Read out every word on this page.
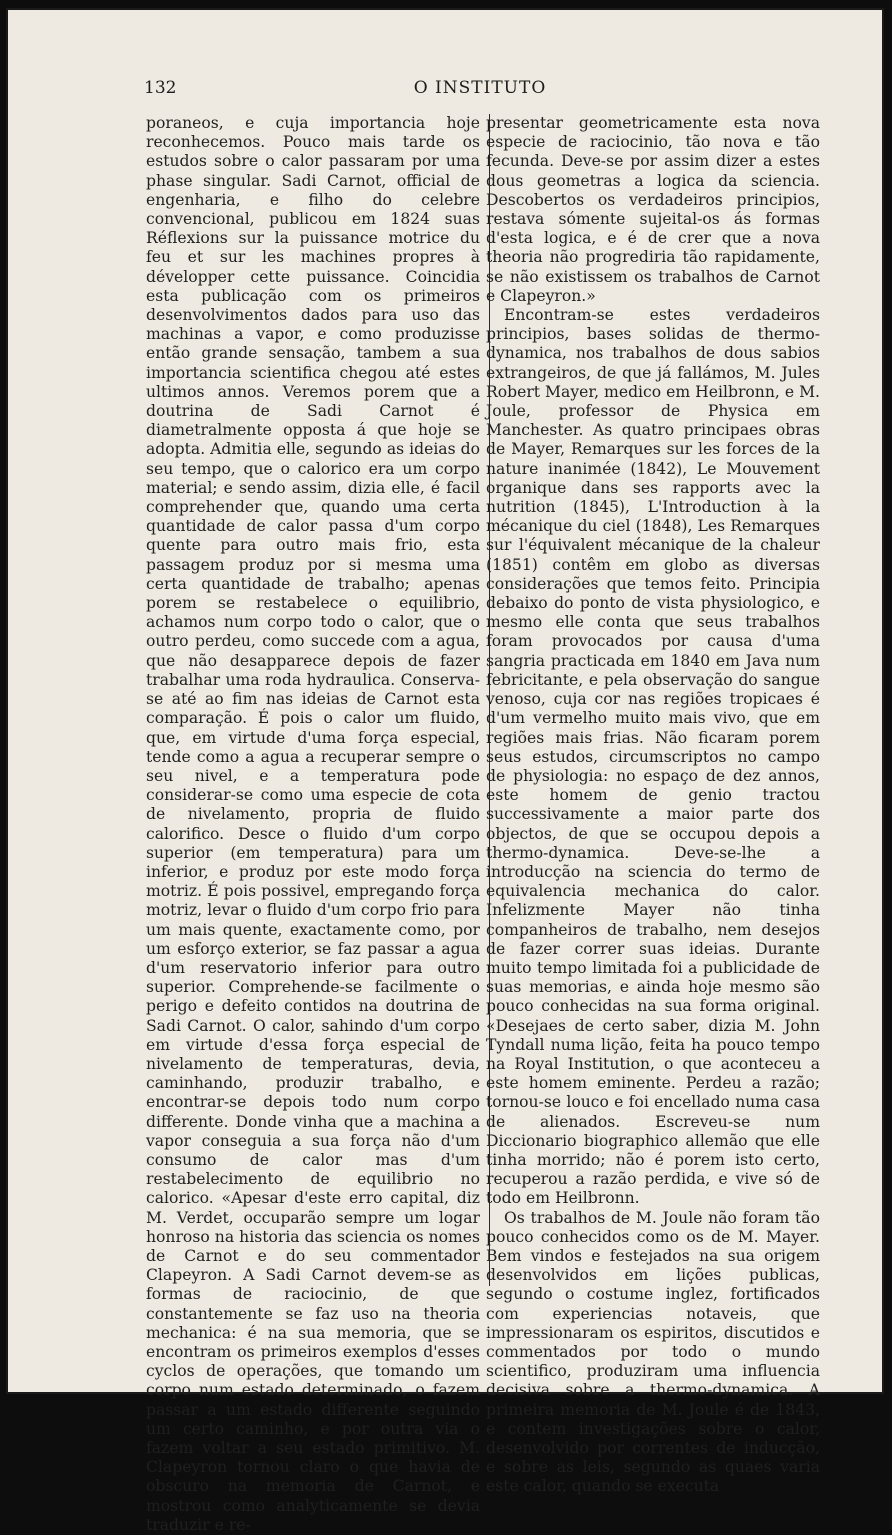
132	O INSTITUTO

poraneos, e cuja importancia hoje reconhecemos. Pouco mais tarde os estudos sobre o calor passaram por uma phase singular. Sadi Carnot, official de engenharia, e filho do celebre convencional, publicou em 1824 suas Réflexions sur la puissance motrice du feu et sur les machines propres à développer cette puissance. Coincidia esta publicação com os primeiros desenvolvimentos dados para uso das machinas a vapor, e como produzisse então grande sensação, tambem a sua importancia scientifica chegou até estes ultimos annos. Veremos porem que a doutrina de Sadi Carnot é diametralmente opposta á que hoje se adopta. Admitia elle, segundo as ideias do seu tempo, que o calorico era um corpo material; e sendo assim, dizia elle, é facil comprehender que, quando uma certa quantidade de calor passa d'um corpo quente para outro mais frio, esta passagem produz por si mesma uma certa quantidade de trabalho; apenas porem se restabelece o equilibrio, achamos num corpo todo o calor, que o outro perdeu, como succede com a agua, que não desapparece depois de fazer trabalhar uma roda hydraulica. Conserva-se até ao fim nas ideias de Carnot esta comparação. É pois o calor um fluido, que, em virtude d'uma força especial, tende como a agua a recuperar sempre o seu nivel, e a temperatura pode considerar-se como uma especie de cota de nivelamento, propria de fluido calorifico. Desce o fluido d'um corpo superior (em temperatura) para um inferior, e produz por este modo força motriz. É pois possivel, empregando força motriz, levar o fluido d'um corpo frio para um mais quente, exactamente como, por um esforço exterior, se faz passar a agua d'um reservatorio inferior para outro superior. Comprehende-se facilmente o perigo e defeito contidos na doutrina de Sadi Carnot. O calor, sahindo d'um corpo em virtude d'essa força especial de nivelamento de temperaturas, devia, caminhando, produzir trabalho, e encontrar-se depois todo num corpo differente. Donde vinha que a machina a vapor conseguia a sua força não d'um consumo de calor mas d'um restabelecimento de equilibrio no calorico. «Apesar d'este erro capital, diz M. Verdet, occuparão sempre um logar honroso na historia das sciencia os nomes de Carnot e do seu commentador Clapeyron. A Sadi Carnot devem-se as formas de raciocinio, de que constantemente se faz uso na theoria mechanica: é na sua memoria, que se encontram os primeiros exemplos d'esses cyclos de operações, que tomando um corpo num estado determinado, o fazem passar a um estado differente seguindo um certo caminho, e por outra via o fazem voltar a seu estado primitivo. M. Clapeyron tornou claro o que havia de obscuro na memoria de Carnot, e mostrou como analyticamente se devia traduzir e re-

presentar geometricamente esta nova especie de raciocinio, tão nova e tão fecunda. Deve-se por assim dizer a estes dous geometras a logica da sciencia. Descobertos os verdadeiros principios, restava sómente sujeital-os ás formas d'esta logica, e é de crer que a nova theoria não progrediria tão rapidamente, se não existissem os trabalhos de Carnot e Clapeyron.»

Encontram-se estes verdadeiros principios, bases solidas de thermo-dynamica, nos trabalhos de dous sabios extrangeiros, de que já fallámos, M. Jules Robert Mayer, medico em Heilbronn, e M. Joule, professor de Physica em Manchester. As quatro principaes obras de Mayer, Remarques sur les forces de la nature inanimée (1842), Le Mouvement organique dans ses rapports avec la nutrition (1845), L'Introduction à la mécanique du ciel (1848), Les Remarques sur l'équivalent mécanique de la chaleur (1851) contêm em globo as diversas considerações que temos feito. Principia debaixo do ponto de vista physiologico, e mesmo elle conta que seus trabalhos foram provocados por causa d'uma sangria practicada em 1840 em Java num febricitante, e pela observação do sangue venoso, cuja cor nas regiões tropicaes é d'um vermelho muito mais vivo, que em regiões mais frias. Não ficaram porem seus estudos, circumscriptos no campo de physiologia: no espaço de dez annos, este homem de genio tractou successivamente a maior parte dos objectos, de que se occupou depois a thermo-dynamica. Deve-se-lhe a introducção na sciencia do termo de equivalencia mechanica do calor. Infelizmente Mayer não tinha companheiros de trabalho, nem desejos de fazer correr suas ideias. Durante muito tempo limitada foi a publicidade de suas memorias, e ainda hoje mesmo são pouco conhecidas na sua forma original. «Desejaes de certo saber, dizia M. John Tyndall numa lição, feita ha pouco tempo na Royal Institution, o que aconteceu a este homem eminente. Perdeu a razão; tornou-se louco e foi encellado numa casa de alienados. Escreveu-se num Diccionario biographico allemão que elle tinha morrido; não é porem isto certo, recuperou a razão perdida, e vive só de todo em Heilbronn.

Os trabalhos de M. Joule não foram tão pouco conhecidos como os de M. Mayer. Bem vindos e festejados na sua origem desenvolvidos em lições publicas, segundo o costume inglez, fortificados com experiencias notaveis, que impressionaram os espiritos, discutidos e commentados por todo o mundo scientifico, produziram uma influencia decisiva sobre a thermo-dynamica. A primeira memoria de M. Joule é de 1843, e contem investigações sobre o calor, desenvolvido por correntes de inducção, e sobre as leis, segundo as quaes varia este calor, quando se executa
